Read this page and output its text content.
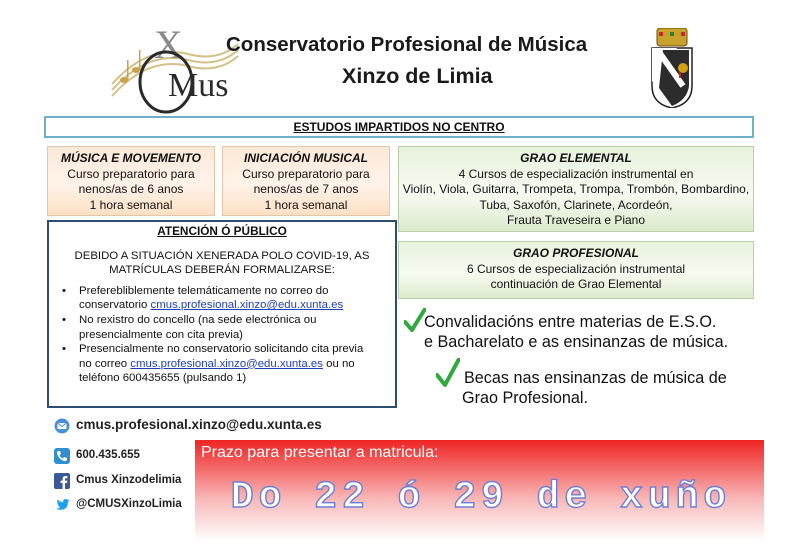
X
Mus
Conservatorio Profesional de Música
Xinzo de Limia
ESTUDOS IMPARTIDOS NO CENTRO
MÚSICA E MOVEMENTO
Curso preparatorio para
nenos/as de 6 anos
1 hora semanal
INICIACIÓN MUSICAL
Curso preparatorio para
nenos/as de 7 anos
1 hora semanal
GRAO ELEMENTAL
4 Cursos de especialización instrumental en
Violín, Viola, Guitarra, Trompeta, Trompa, Trombón, Bombardino,
Tuba, Saxofón, Clarinete, Acordeón,
Frauta Traveseira e Piano
GRAO PROFESIONAL
6 Cursos de especialización instrumental
continuación de Grao Elemental
ATENCIÓN Ó PÚBLICO
DEBIDO A SITUACIÓN XENERADA POLO COVID-19, AS
MATRÍCULAS DEBERÁN FORMALIZARSE:
• Preferebliblemente telemáticamente no correo do
conservatorio cmus.profesional.xinzo@edu.xunta.es
• No rexistro do concello (na sede electrónica ou
presencialmente con cita previa)
• Presencialmente no conservatorio solicitando cita previa
no correo cmus.profesional.xinzo@edu.xunta.es ou no
teléfono 600435655 (pulsando 1)
Convalidacións entre materias de E.S.O.
e Bacharelato e as ensinanzas de música.
Becas nas ensinanzas de música de
Grao Profesional.
cmus.profesional.xinzo@edu.xunta.es
600.435.655
Cmus Xinzodelimia
@CMUSXinzoLimia
Prazo para presentar a matricula:
Do 22 ó 29 de xuño
